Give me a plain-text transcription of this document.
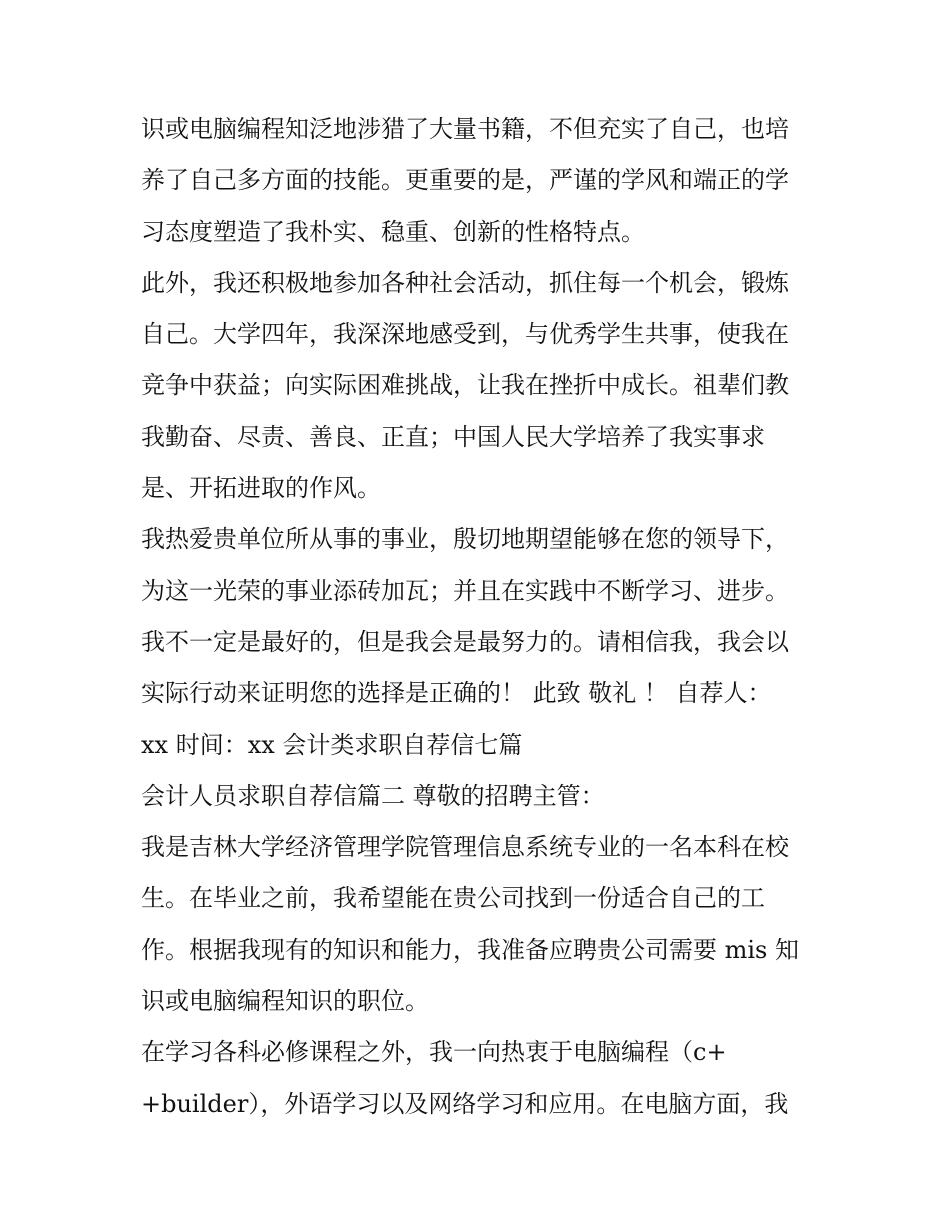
识或电脑编程知泛地涉猎了大量书籍，不但充实了自己，也培
养了自己多方面的技能。更重要的是，严谨的学风和端正的学
习态度塑造了我朴实、稳重、创新的性格特点。
此外，我还积极地参加各种社会活动，抓住每一个机会，锻炼
自己。大学四年，我深深地感受到，与优秀学生共事，使我在
竞争中获益；向实际困难挑战，让我在挫折中成长。祖辈们教
我勤奋、尽责、善良、正直；中国人民大学培养了我实事求
是、开拓进取的作风。
我热爱贵单位所从事的事业，殷切地期望能够在您的领导下，
为这一光荣的事业添砖加瓦；并且在实践中不断学习、进步。
我不一定是最好的，但是我会是最努力的。请相信我，我会以
实际行动来证明您的选择是正确的！ 此致 敬礼 ！ 自荐人：
xx 时间：xx 会计类求职自荐信七篇
会计人员求职自荐信篇二 尊敬的招聘主管：
我是吉林大学经济管理学院管理信息系统专业的一名本科在校
生。在毕业之前，我希望能在贵公司找到一份适合自己的工
作。根据我现有的知识和能力，我准备应聘贵公司需要 mis 知
识或电脑编程知识的职位。
在学习各科必修课程之外，我一向热衷于电脑编程（c+
+builder），外语学习以及网络学习和应用。在电脑方面，我
